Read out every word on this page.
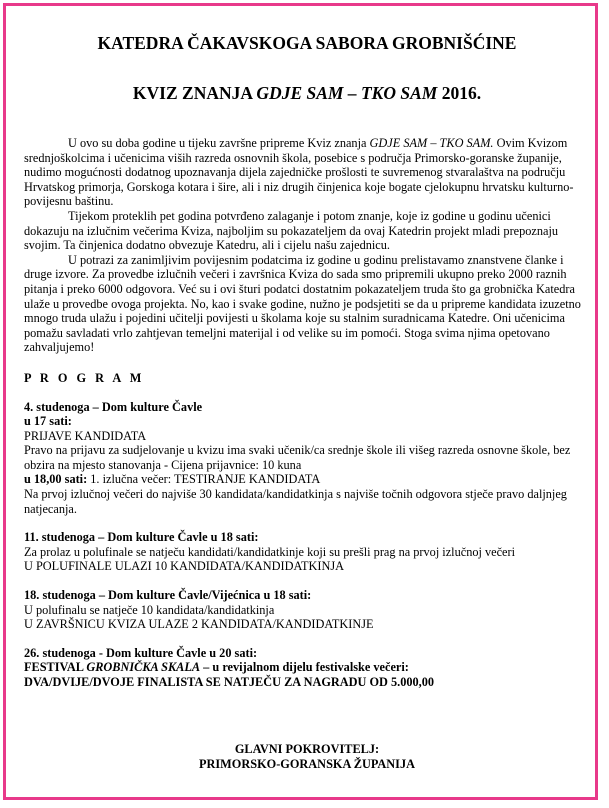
KATEDRA ČAKAVSKOGA SABORA GROBNIŠĆINE
KVIZ ZNANJA GDJE SAM – TKO SAM 2016.

U ovo su doba godine u tijeku završne pripreme Kviz znanja GDJE SAM – TKO SAM. Ovim Kvizom srednjoškolcima i učenicima viših razreda osnovnih škola, posebice s područja Primorsko-goranske županije, nudimo mogućnosti dodatnog upoznavanja dijela zajedničke prošlosti te suvremenog stvaralaštva na području Hrvatskog primorja, Gorskoga kotara i šire, ali i niz drugih činjenica koje bogate cjelokupnu hrvatsku kulturno-povijesnu baštinu.

Tijekom proteklih pet godina potvrđeno zalaganje i potom znanje, koje iz godine u godinu učenici dokazuju na izlučnim večerima Kviza, najboljim su pokazateljem da ovaj Katedrin projekt mladi prepoznaju svojim. Ta činjenica dodatno obvezuje Katedru, ali i cijelu našu zajednicu.

U potrazi za zanimljivim povijesnim podatcima iz godine u godinu prelistavamo znanstvene članke i druge izvore. Za provedbe izlučnih večeri i završnica Kviza do sada smo pripremili ukupno preko 2000 raznih pitanja i preko 6000 odgovora. Već su i ovi šturi podatci dostatnim pokazateljem truda što ga grobnička Katedra ulaže u provedbe ovoga projekta. No, kao i svake godine, nužno je podsjetiti se da u pripreme kandidata izuzetno mnogo truda ulažu i pojedini učitelji povijesti u školama koje su stalnim suradnicama Katedre. Oni učenicima pomažu savladati vrlo zahtjevan temeljni materijal i od velike su im pomoći. Stoga svima njima opetovano zahvaljujemo!

P R O G R A M
4. studenoga – Dom kulture Čavle
u 17 sati:
PRIJAVE KANDIDATA
Pravo na prijavu za sudjelovanje u kvizu ima svaki učenik/ca srednje škole ili višeg razreda osnovne škole, bez obzira na mjesto stanovanja - Cijena prijavnice: 10 kuna
u 18,00 sati: 1. izlučna večer: TESTIRANJE KANDIDATA
Na prvoj izlučnoj večeri do najviše 30 kandidata/kandidatkinja s najviše točnih odgovora stječe pravo daljnjeg natjecanja.
11. studenoga – Dom kulture Čavle u 18 sati:
Za prolaz u polufinale se natječu kandidati/kandidatkinje koji su prešli prag na prvoj izlučnoj večeri
U POLUFINALE ULAZI 10 KANDIDATA/KANDIDATKINJA
18. studenoga – Dom kulture Čavle/Vijećnica u 18 sati:
U polufinalu se natječe 10 kandidata/kandidatkinja
U ZAVRŠNICU KVIZA ULAZE 2 KANDIDATA/KANDIDATKINJE
26. studenoga - Dom kulture Čavle u 20 sati:
FESTIVAL GROBNIČKA SKALA – u revijalnom dijelu festivalske večeri:
DVA/DVIJE/DVOJE FINALISTA SE NATJEČU ZA NAGRADU OD 5.000,00
GLAVNI POKROVITELJ:
PRIMORSKO-GORANSKA ŽUPANIJA
